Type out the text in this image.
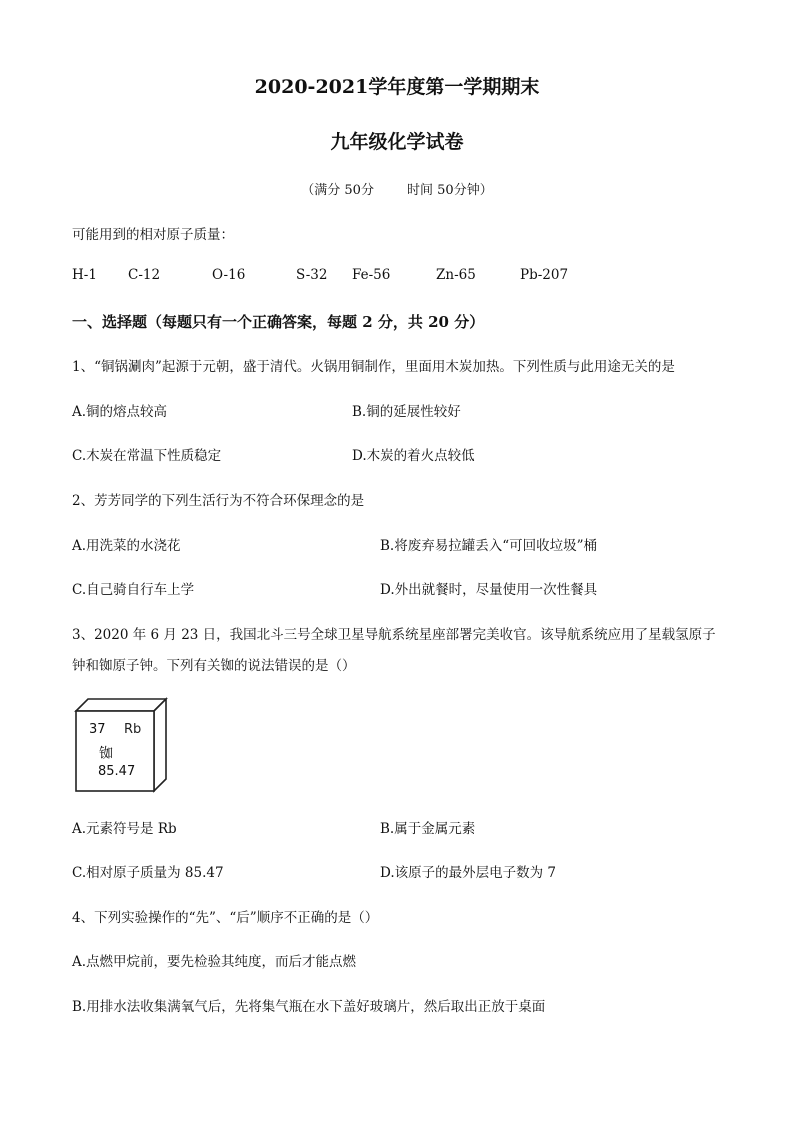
2020-2021学年度第一学期期末
九年级化学试卷
（满分 50分        时间 50分钟）
可能用到的相对原子质量：
H-1 C-12	O-16	S-32 Fe-56	Zn-65	Pb-207
一、选择题（每题只有一个正确答案，每题 2 分，共 20 分）
1、“铜锅涮肉”起源于元朝，盛于清代。火锅用铜制作，里面用木炭加热。下列性质与此用途无关的是
A.铜的熔点较高	B.铜的延展性较好
C.木炭在常温下性质稳定	D.木炭的着火点较低
2、芳芳同学的下列生活行为不符合环保理念的是
A.用洗菜的水浇花	B.将废弃易拉罐丢入“可回收垃圾”桶
C.自己骑自行车上学	D.外出就餐时，尽量使用一次性餐具
3、2020 年 6 月 23 日，我国北斗三号全球卫星导航系统星座部署完美收官。该导航系统应用了星载氢原子
钟和铷原子钟。下列有关铷的说法错误的是（）
37 Rb
铷
85.47
A.元素符号是 Rb	B.属于金属元素
C.相对原子质量为 85.47	D.该原子的最外层电子数为 7
4、下列实验操作的“先”、“后”顺序不正确的是（）
A.点燃甲烷前，要先检验其纯度，而后才能点燃
B.用排水法收集满氧气后，先将集气瓶在水下盖好玻璃片，然后取出正放于桌面
